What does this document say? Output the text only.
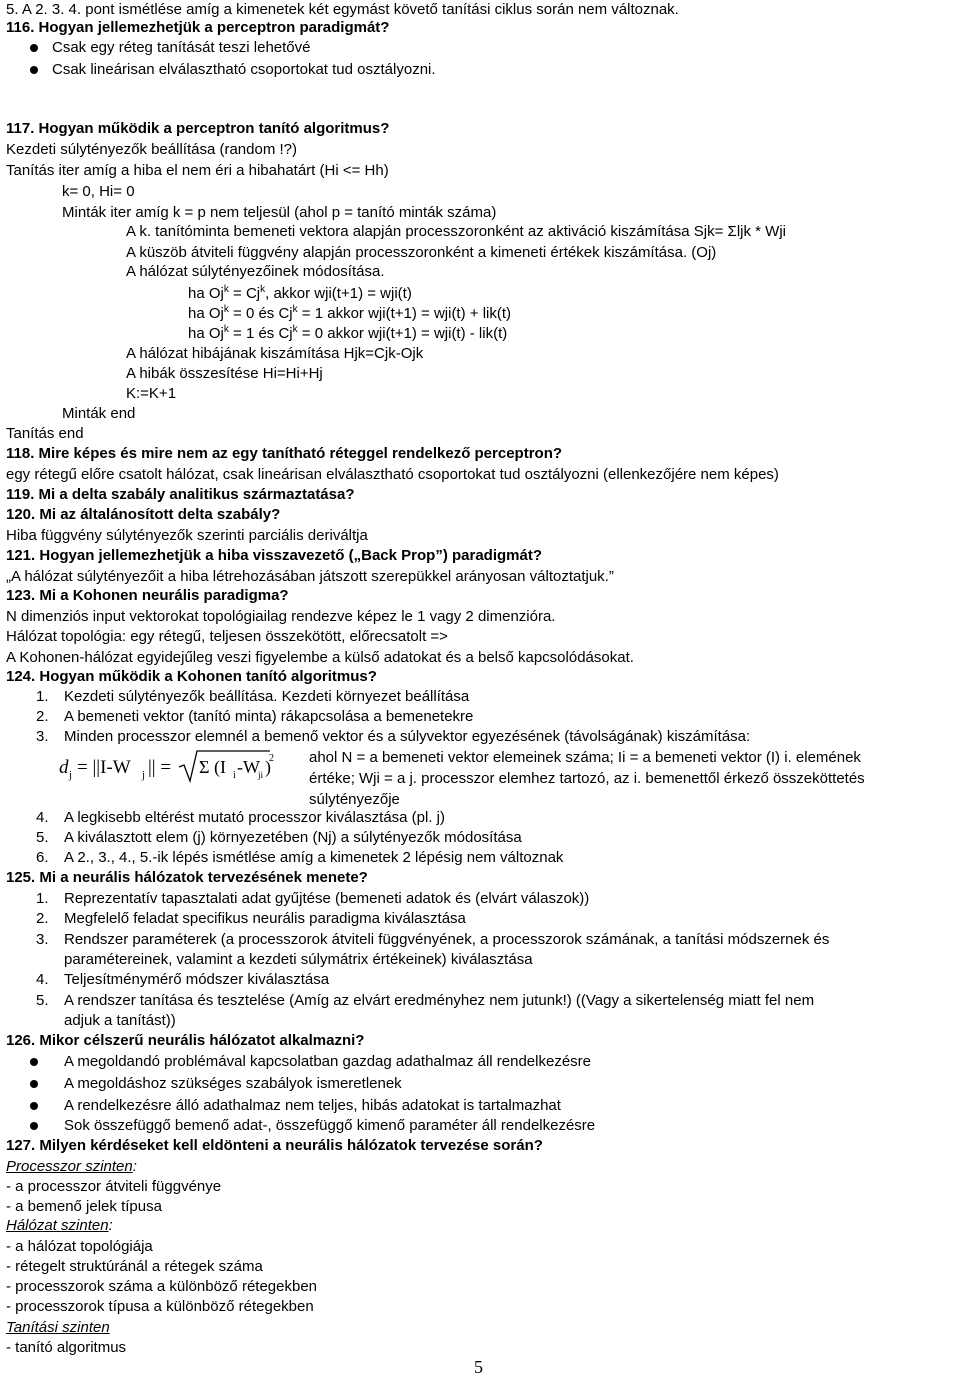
5. A 2. 3. 4. pont ismétlése amíg a kimenetek két egymást követő tanítási ciklus során nem változnak.
116. Hogyan jellemezhetjük a perceptron paradigmát?
Csak egy réteg tanítását teszi lehetővé
Csak lineárisan elválasztható csoportokat tud osztályozni.
117. Hogyan működik a perceptron tanító algoritmus?
Kezdeti súlytényezők beállítása (random !?)
Tanítás iter amíg a hiba el nem éri a hibahatárt (Hi <= Hh)
k= 0, Hi= 0
Minták iter amíg k = p nem teljesül (ahol p = tanító minták száma)
A k. tanítóminta bemeneti vektora alapján processzoronként az aktiváció kiszámítása Sjk= Σljk * Wji
A küszöb átviteli függvény alapján processzoronként a kimeneti értékek kiszámítása. (Oj)
A hálózat súlytényezőinek módosítása.
ha $Oj^k = Cj^k$, akkor wji(t+1) = wji(t)
ha $Oj^k = 0$ és $Cj^k = 1$ akkor wji(t+1) = wji(t) + lik(t)
ha $Oj^k = 1$ és $Cj^k = 0$ akkor wji(t+1) = wji(t) - lik(t)
A hálózat hibájának kiszámítása Hjk=Cjk-Ojk
A hibák összesítése Hi=Hi+Hj
K:=K+1
Minták end
Tanítás end
118. Mire képes és mire nem az egy tanítható réteggel rendelkező perceptron?
egy rétegű előre csatolt hálózat, csak lineárisan elválasztható csoportokat tud osztályozni (ellenkezőjére nem képes)
119. Mi a delta szabály analitikus származtatása?
120. Mi az általánosított delta szabály?
Hiba függvény súlytényezők szerinti parciális deriváltja
121. Hogyan jellemezhetjük a hiba visszavezető („Back Prop”) paradigmát?
„A hálózat súlytényezőit a hiba létrehozásában játszott szerepükkel arányosan változtatjuk.”
123. Mi a Kohonen neurális paradigma?
N dimenziós input vektorokat topológiailag rendezve képez le 1 vagy 2 dimenzióra.
Hálózat topológia: egy rétegű, teljesen összekötött, előrecsatolt =>
A Kohonen-hálózat egyidejűleg veszi figyelembe a külső adatokat és a belső kapcsolódásokat.
124. Hogyan működik a Kohonen tanító algoritmus?
1. Kezdeti súlytényezők beállítása. Kezdeti környezet beállítása
2. A bemeneti vektor (tanító minta) rákapcsolása a bemenetekre
3. Minden processzor elemnél a bemenő vektor és a súlyvektor egyezésének (távolságának) kiszámítása:
d j = ||I-W j || = Σ (I i -W
ji )
2 ahol N = a bemeneti vektor elemeinek száma; Ii = a bemeneti vektor (I) i. elemének
értéke; Wji = a j. processzor elemhez tartozó, az i. bemenettől érkező összeköttetés
súlytényezője
4. A legkisebb eltérést mutató processzor kiválasztása (pl. j)
5. A kiválasztott elem (j) környezetében (Nj) a súlytényezők módosítása
6. A 2., 3., 4., 5.-ik lépés ismétlése amíg a kimenetek 2 lépésig nem változnak
125. Mi a neurális hálózatok tervezésének menete?
1. Reprezentatív tapasztalati adat gyűjtése (bemeneti adatok és (elvárt válaszok))
2. Megfelelő feladat specifikus neurális paradigma kiválasztása
3. Rendszer paraméterek (a processzorok átviteli függvényének, a processzorok számának, a tanítási módszernek és
paramétereinek, valamint a kezdeti súlymátrix értékeinek) kiválasztása
4. Teljesítménymérő módszer kiválasztása
5. A rendszer tanítása és tesztelése (Amíg az elvárt eredményhez nem jutunk!) ((Vagy a sikertelenség miatt fel nem
adjuk a tanítást))
126. Mikor célszerű neurális hálózatot alkalmazni?
A megoldandó problémával kapcsolatban gazdag adathalmaz áll rendelkezésre
A megoldáshoz szükséges szabályok ismeretlenek
A rendelkezésre álló adathalmaz nem teljes, hibás adatokat is tartalmazhat
Sok összefüggő bemenő adat-, összefüggő kimenő paraméter áll rendelkezésre
127. Milyen kérdéseket kell eldönteni a neurális hálózatok tervezése során?
Processzor szinten:
- a processzor átviteli függvénye
- a bemenő jelek típusa
Hálózat szinten:
- a hálózat topológiája
- rétegelt struktúránál a rétegek száma
- processzorok száma a különböző rétegekben
- processzorok típusa a különböző rétegekben
Tanítási szinten
- tanító algoritmus
5
